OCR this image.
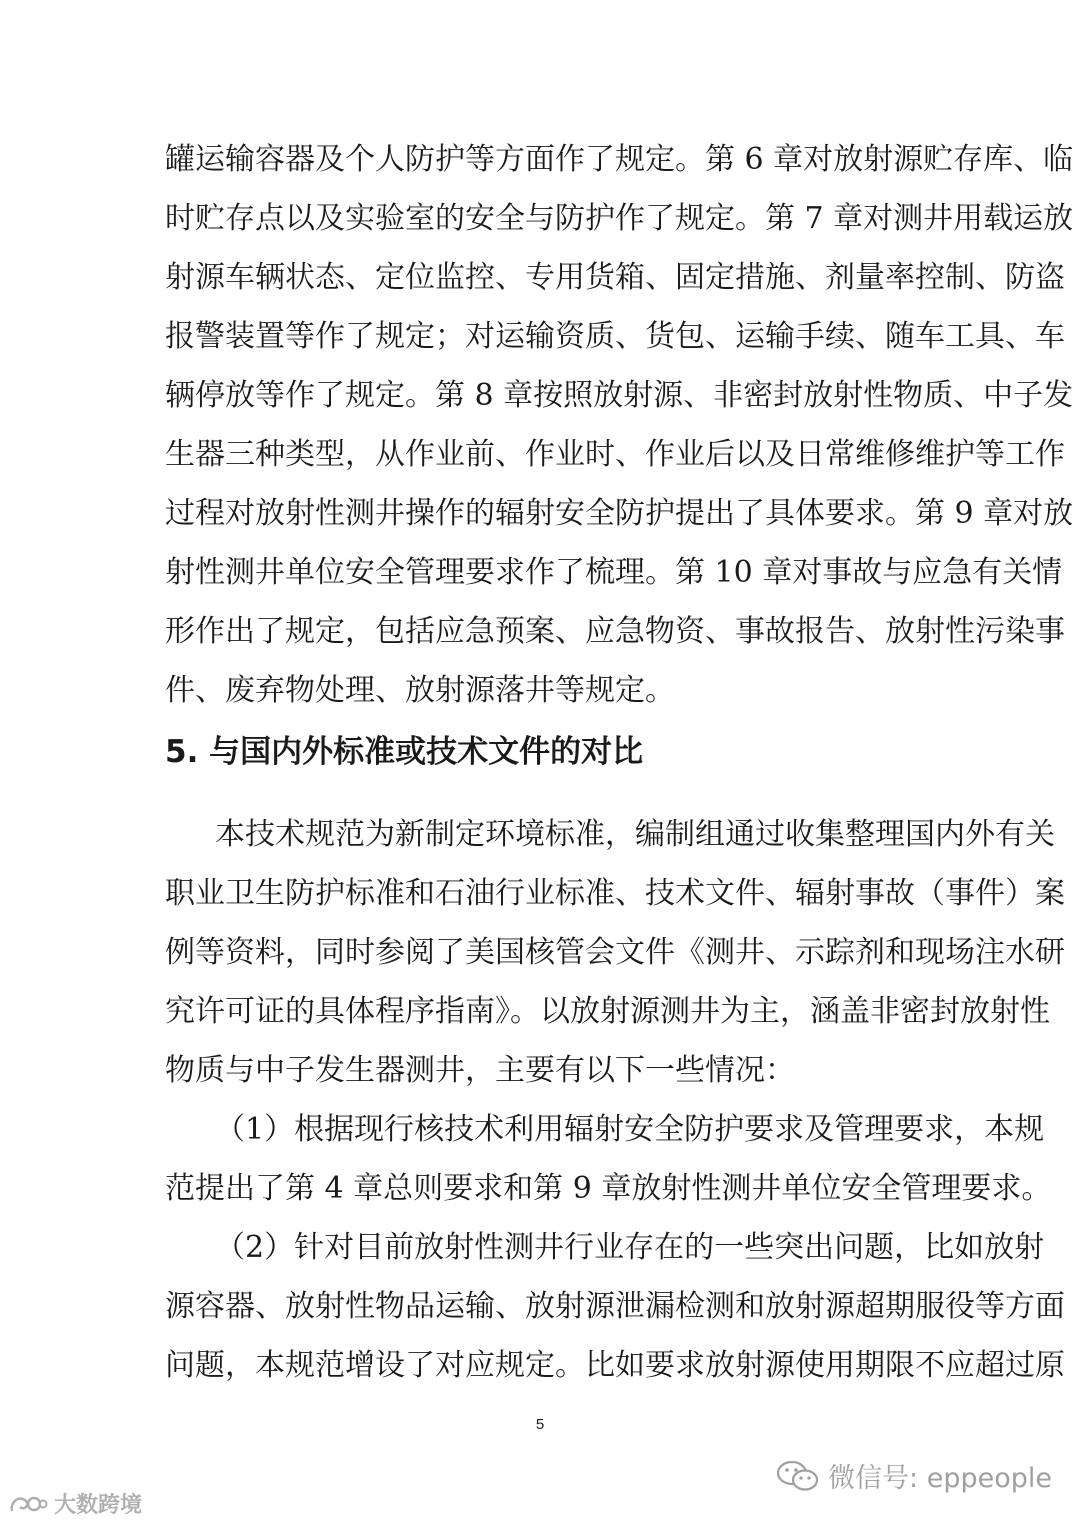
罐运输容器及个人防护等方面作了规定。第 6 章对放射源贮存库、临
时贮存点以及实验室的安全与防护作了规定。第 7 章对测井用载运放
射源车辆状态、定位监控、专用货箱、固定措施、剂量率控制、防盗
报警装置等作了规定；对运输资质、货包、运输手续、随车工具、车
辆停放等作了规定。第 8 章按照放射源、非密封放射性物质、中子发
生器三种类型，从作业前、作业时、作业后以及日常维修维护等工作
过程对放射性测井操作的辐射安全防护提出了具体要求。第 9 章对放
射性测井单位安全管理要求作了梳理。第 10 章对事故与应急有关情
形作出了规定，包括应急预案、应急物资、事故报告、放射性污染事
件、废弃物处理、放射源落井等规定。
5. 与国内外标准或技术文件的对比
本技术规范为新制定环境标准，编制组通过收集整理国内外有关
职业卫生防护标准和石油行业标准、技术文件、辐射事故（事件）案
例等资料，同时参阅了美国核管会文件《测井、示踪剂和现场注水研
究许可证的具体程序指南》。以放射源测井为主，涵盖非密封放射性
物质与中子发生器测井，主要有以下一些情况：
（1）根据现行核技术利用辐射安全防护要求及管理要求，本规
范提出了第 4 章总则要求和第 9 章放射性测井单位安全管理要求。
（2）针对目前放射性测井行业存在的一些突出问题，比如放射
源容器、放射性物品运输、放射源泄漏检测和放射源超期服役等方面
问题，本规范增设了对应规定。比如要求放射源使用期限不应超过原
5
微信号: eppeople
大数跨境
